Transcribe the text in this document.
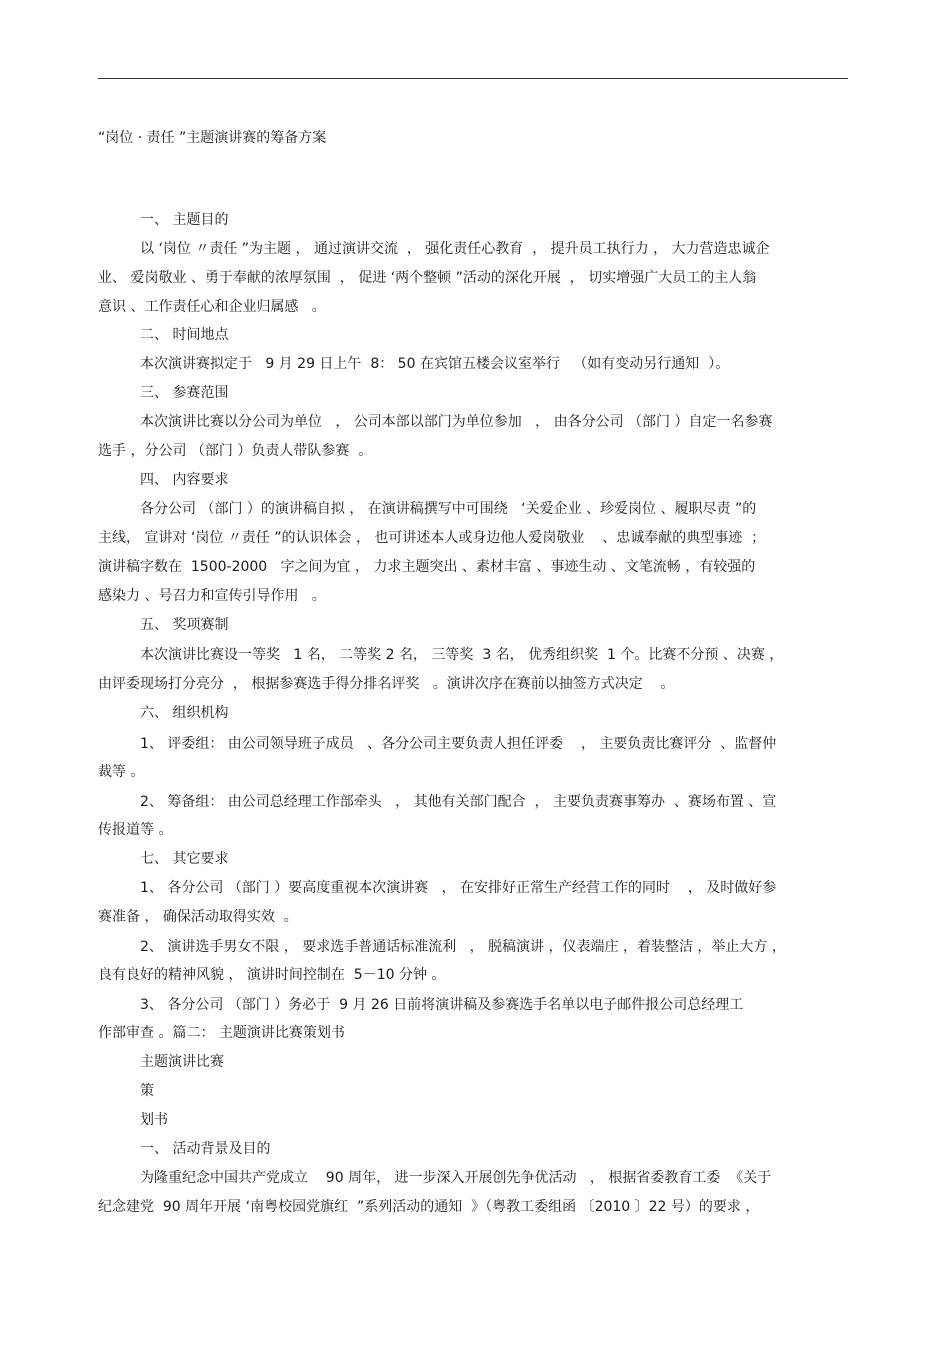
“岗位 · 责任 ”主题演讲赛的筹备方案

一、 主题目的

以 ‘岗位 〃责任 ”为主题 ， 通过演讲交流  ， 强化责任心教育  ， 提升员工执行力 ， 大力营造忠诚企

业、 爱岗敬业 、勇于奉献的浓厚氛围  ， 促进 ‘两个整顿 ”活动的深化开展  ， 切实增强广大员工的主人翁

意识 、工作责任心和企业归属感   。

二、 时间地点

本次演讲赛拟定于   9 月 29 日上午  8： 50 在宾馆五楼会议室举行   （如有变动另行通知  ）。

三、 参赛范围

本次演讲比赛以分公司为单位   ， 公司本部以部门为单位参加   ， 由各分公司 （部门 ）自定一名参赛

选手 ，分公司 （部门 ）负责人带队参赛  。

四、 内容要求

各分公司 （部门 ）的演讲稿自拟 ， 在演讲稿撰写中可围绕   ‘关爱企业 、珍爱岗位 、履职尽责 ”的

主线， 宣讲对 ‘岗位 〃责任 ”的认识体会 ， 也可讲述本人或身边他人爱岗敬业    、忠诚奉献的典型事迹  ；

演讲稿字数在  1500-2000   字之间为宜 ， 力求主题突出 、素材丰富 、事迹生动 、文笔流畅 ，有较强的

感染力 、号召力和宣传引导作用   。

五、 奖项赛制

本次演讲比赛设一等奖   1 名， 二等奖 2 名， 三等奖  3 名， 优秀组织奖  1 个。比赛不分预 、决赛 ，

由评委现场打分亮分  ， 根据参赛选手得分排名评奖   。演讲次序在赛前以抽签方式决定    。

六、 组织机构

1、 评委组： 由公司领导班子成员   、各分公司主要负责人担任评委    ， 主要负责比赛评分  、监督仲

裁等 。

2、 筹备组： 由公司总经理工作部牵头   ， 其他有关部门配合  ， 主要负责赛事筹办  、赛场布置 、宣

传报道等 。

七、 其它要求

1、 各分公司 （部门 ）要高度重视本次演讲赛   ， 在安排好正常生产经营工作的同时    ， 及时做好参

赛准备 ， 确保活动取得实效  。

2、 演讲选手男女不限 ， 要求选手普通话标准流利   ， 脱稿演讲 ，仪表端庄 ，着装整洁 ，举止大方 ，

良有良好的精神风貌 ， 演讲时间控制在  5－10 分钟 。

3、 各分公司 （部门 ）务必于  9 月 26 日前将演讲稿及参赛选手名单以电子邮件报公司总经理工

作部审查 。篇二： 主题演讲比赛策划书

主题演讲比赛

策

划书

一、 活动背景及目的

为隆重纪念中国共产党成立    90 周年， 进一步深入开展创先争优活动   ， 根据省委教育工委  《关于

纪念建党  90 周年开展 ‘南粤校园党旗红  ”系列活动的通知  》（粤教工委组函 〔2010 〕22 号）的要求 ，
